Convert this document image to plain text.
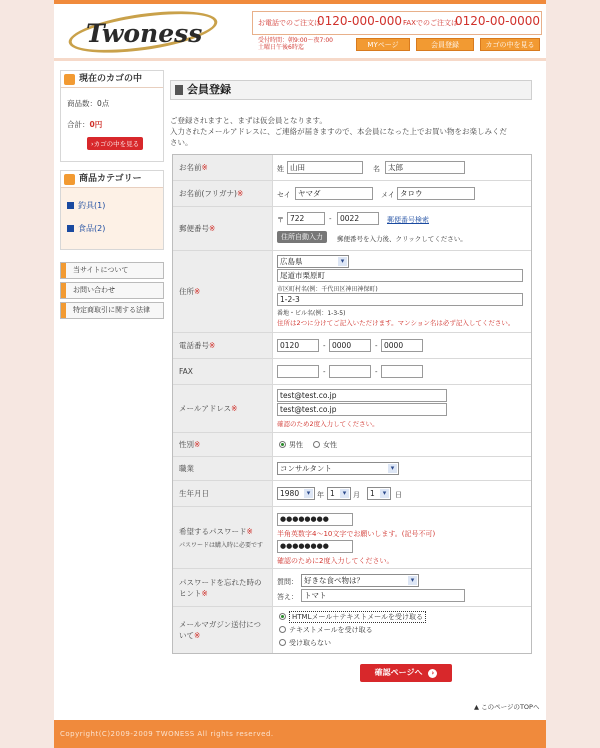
Twoness	お電話でのご注文は
0120-000-000 FAXでのご注文は
0120-00-0000
受付時間：朝9:00～夜7:00
土曜日午後6時迄	MYページ	会員登録	カゴの中を見る
現在のカゴの中
商品数：0点
合計：0円
›カゴの中を見る
商品カテゴリー
釣具(1)
食品(2)
当サイトについて
お問い合わせ
特定商取引に関する法律
会員登録
ご登録されますと、まずは仮会員となります。
入力されたメールアドレスに、ご連絡が届きますので、本会員になった上でお買い物をお楽しみくだ
さい。
お名前 ※	姓 山田	名	太郎
お名前(フリガナ) ※	セイ ヤマダ	メイ タロウ
郵便番号 ※
〒 722	-	0022	郵便番号検索
住所自動入力	郵便番号を入力後、クリックしてください。
住所 ※
広島県 ▾
尾道市栗原町
市区町村名(例：千代田区神田神保町)
1-2-3
番地・ビル名(例：1-3-5)
住所は2つに分けてご記入いただけます。マンション名は必ず記入してください。
電話番号 ※	0120	- 0000	- 0000
FAX	-	-
メールアドレス ※
test@test.co.jp
test@test.co.jp
確認のため2度入力してください。
性別 ※	男性	女性
職業	コンサルタント ▾
生年月日	1980 ▾	年 1 ▾	月	1 ▾	日
希望するパスワード※
パスワードは購入時に必要です
●●●●●●●●
半角英数字4～10文字でお願いします。(記号不可)
●●●●●●●●
確認のために2度入力してください。
パスワードを忘れた時のヒント※
質問： 好きな食べ物は？ ▾
答え： トマト
メールマガジン送付について※
HTMLメール＋テキストメールを受け取る
テキストメールを受け取る
受け取らない
確認ページへ ›
▲ このページのTOPへ
Copyright(C)2009-2009 TWONESS All rights reserved.
